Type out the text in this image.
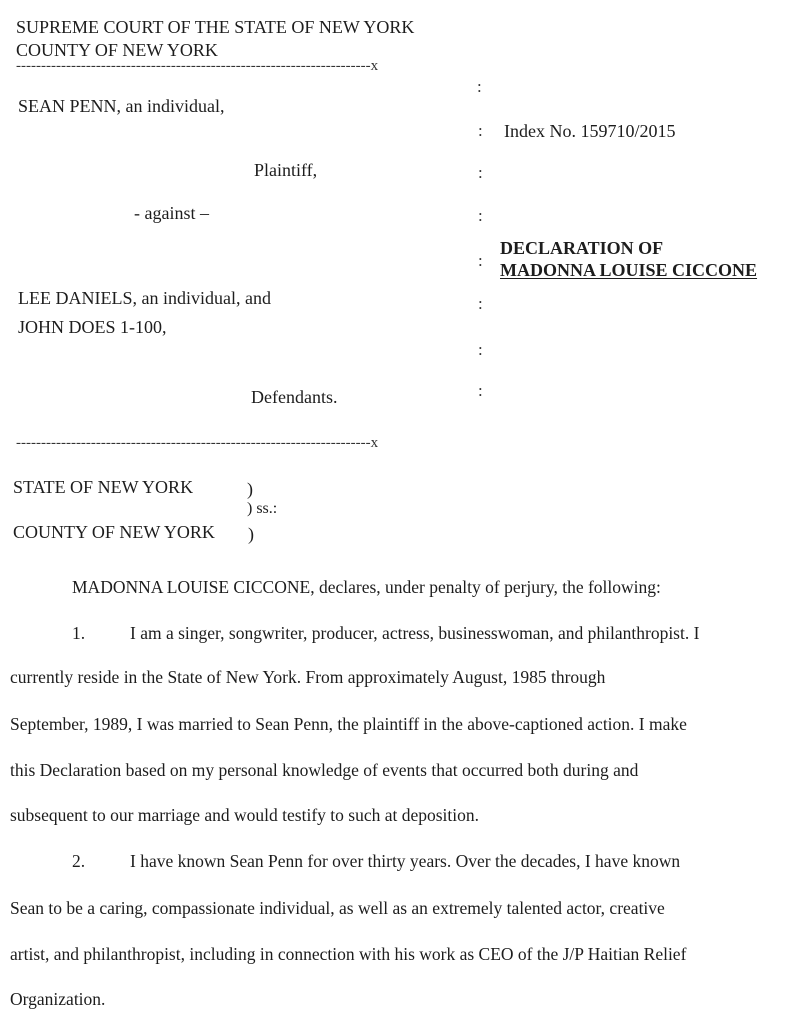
SUPREME COURT OF THE STATE OF NEW YORK
COUNTY OF NEW YORK
-----------------------------------------------------------------------x
SEAN PENN, an individual,
Plaintiff,
- against –
LEE DANIELS, an individual, and
JOHN DOES 1-100,
Defendants.
-----------------------------------------------------------------------x
:
:
:
:
:
:
:
:
Index No. 159710/2015
DECLARATION OF
MADONNA LOUISE CICCONE
STATE OF NEW YORK	)
) ss.:
COUNTY OF NEW YORK )
MADONNA LOUISE CICCONE, declares, under penalty of perjury, the following:
1.	I am a singer, songwriter, producer, actress, businesswoman, and philanthropist. I
currently reside in the State of New York. From approximately August, 1985 through
September, 1989, I was married to Sean Penn, the plaintiff in the above-captioned action. I make
this Declaration based on my personal knowledge of events that occurred both during and
subsequent to our marriage and would testify to such at deposition.
2.	I have known Sean Penn for over thirty years. Over the decades, I have known
Sean to be a caring, compassionate individual, as well as an extremely talented actor, creative
artist, and philanthropist, including in connection with his work as CEO of the J/P Haitian Relief
Organization.
